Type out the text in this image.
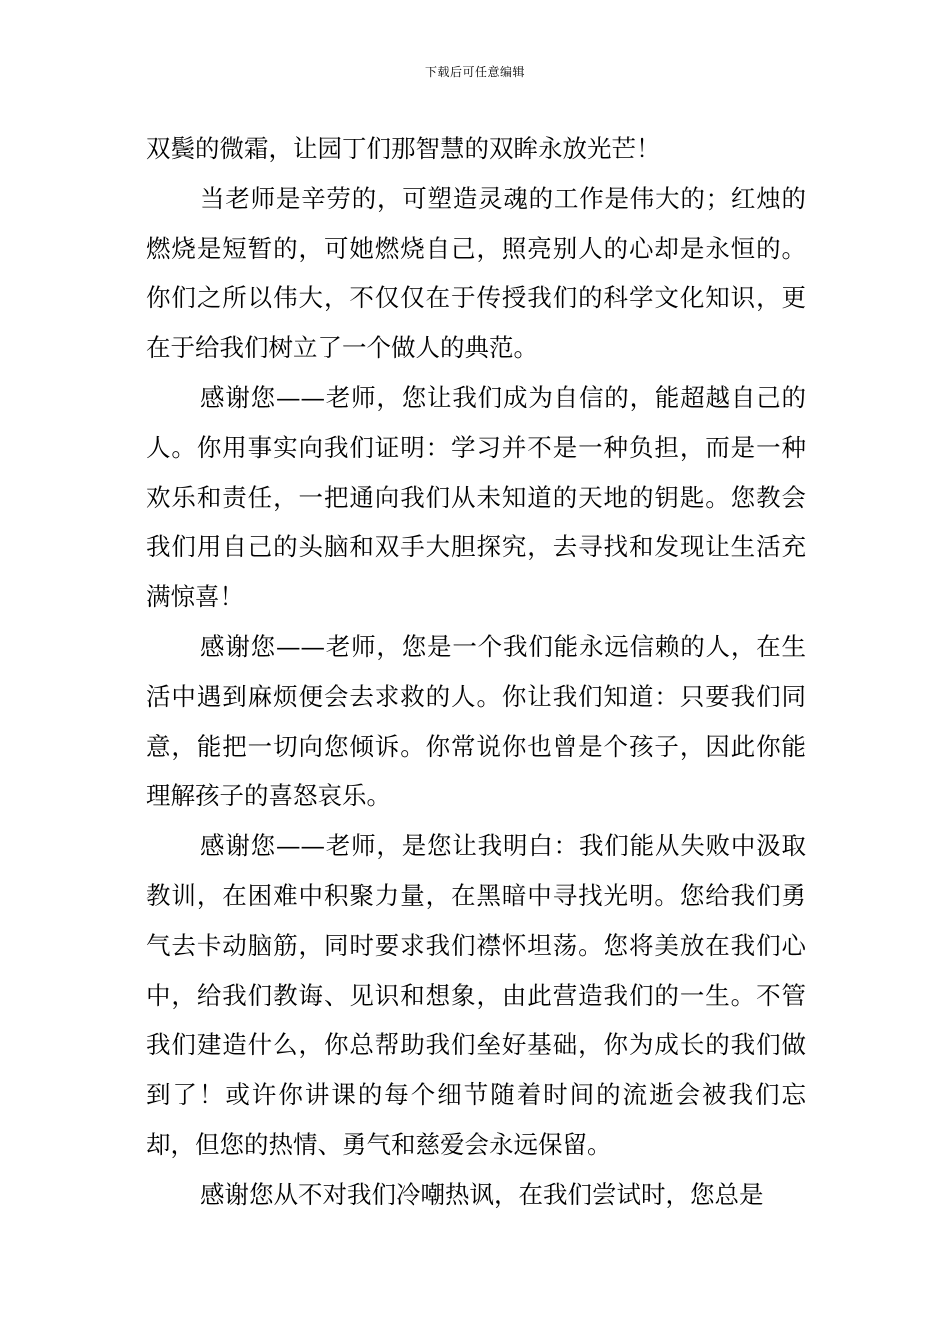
下载后可任意编辑

双鬓的微霜，让园丁们那智慧的双眸永放光芒！

当老师是辛劳的，可塑造灵魂的工作是伟大的；红烛的燃烧是短暂的，可她燃烧自己，照亮别人的心却是永恒的。你们之所以伟大，不仅仅在于传授我们的科学文化知识，更在于给我们树立了一个做人的典范。

感谢您——老师，您让我们成为自信的，能超越自己的人。你用事实向我们证明：学习并不是一种负担，而是一种欢乐和责任，一把通向我们从未知道的天地的钥匙。您教会我们用自己的头脑和双手大胆探究，去寻找和发现让生活充满惊喜！

感谢您——老师，您是一个我们能永远信赖的人，在生活中遇到麻烦便会去求救的人。你让我们知道：只要我们同意，能把一切向您倾诉。你常说你也曾是个孩子，因此你能理解孩子的喜怒哀乐。

感谢您——老师，是您让我明白：我们能从失败中汲取教训，在困难中积聚力量，在黑暗中寻找光明。您给我们勇气去卡动脑筋，同时要求我们襟怀坦荡。您将美放在我们心中，给我们教诲、见识和想象，由此营造我们的一生。不管我们建造什么，你总帮助我们垒好基础，你为成长的我们做到了！或许你讲课的每个细节随着时间的流逝会被我们忘却，但您的热情、勇气和慈爱会永远保留。

感谢您从不对我们冷嘲热讽，在我们尝试时，您总是
